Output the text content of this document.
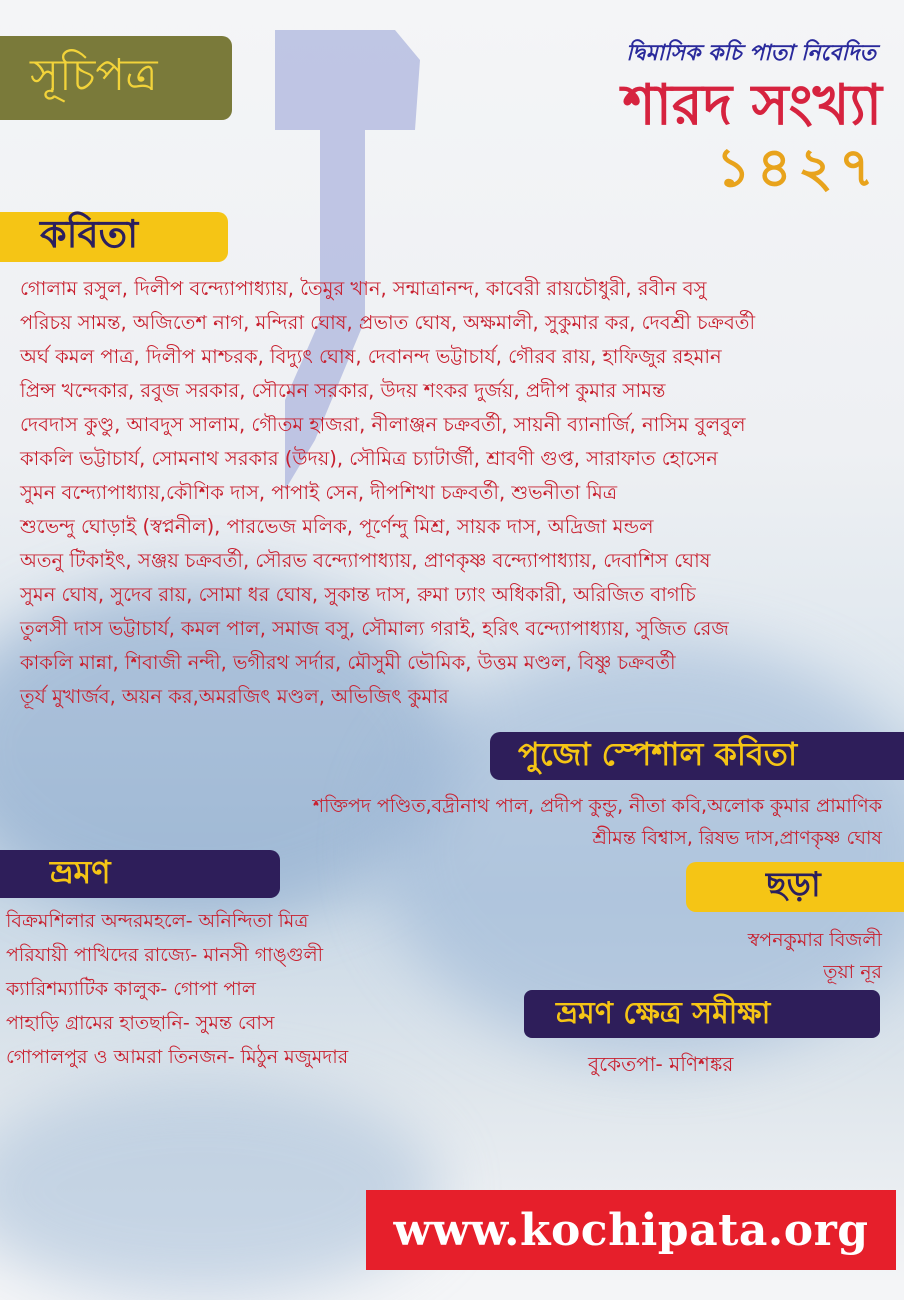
সূচিপত্র	দ্বিমাসিক কচি পাতা নিবেদিত
শারদ সংখ্যা
১৪২৭
কবিতা
গোলাম রসুল, দিলীপ বন্দ্যোপাধ্যায়, তৈমুর খান, সন্মাত্রানন্দ, কাবেরী রায়চৌধুরী, রবীন বসু
পরিচয় সামন্ত, অজিতেশ নাগ, মন্দিরা ঘোষ, প্রভাত ঘোষ, অক্ষমালী, সুকুমার কর, দেবশ্রী চক্রবর্তী
অর্ঘ কমল পাত্র, দিলীপ মাশ্চরক, বিদ্যুৎ ঘোষ, দেবানন্দ ভট্টাচার্য, গৌরব রায়, হাফিজুর রহমান
প্রিন্স খন্দেকার, রবুজ সরকার, সৌমেন সরকার, উদয় শংকর দুর্জয়, প্রদীপ কুমার সামন্ত
দেবদাস কুণ্ডু, আবদুস সালাম, গৌতম হাজরা, নীলাঞ্জন চক্রবর্তী, সায়নী ব্যানার্জি, নাসিম বুলবুল
কাকলি ভট্টাচার্য, সোমনাথ সরকার (উদয়), সৌমিত্র চ্যাটার্জী, শ্রাবণী গুপ্ত, সারাফাত হোসেন
সুমন বন্দ্যোপাধ্যায়,কৌশিক দাস, পাপাই সেন, দীপশিখা চক্রবর্তী, শুভনীতা মিত্র
শুভেন্দু ঘোড়াই (স্বপ্ননীল), পারভেজ মলিক, পূর্ণেন্দু মিশ্র, সায়ক দাস, অদ্রিজা মন্ডল
অতনু টিকাইৎ, সঞ্জয় চক্রবর্তী, সৌরভ বন্দ্যোপাধ্যায়, প্রাণকৃষ্ণ বন্দ্যোপাধ্যায়, দেবাশিস ঘোষ
সুমন ঘোষ, সুদেব রায়, সোমা ধর ঘোষ, সুকান্ত দাস, রুমা ঢ্যাং অধিকারী, অরিজিত বাগচি
তুলসী দাস ভট্টাচার্য, কমল পাল, সমাজ বসু, সৌমাল্য গরাই, হরিৎ বন্দ্যোপাধ্যায়, সুজিত রেজ
কাকলি মান্না, শিবাজী নন্দী, ভগীরথ সর্দার, মৌসুমী ভৌমিক, উত্তম মণ্ডল, বিষ্ণু চক্রবর্তী
তূর্য মুখার্জব, অয়ন কর,অমরজিৎ মণ্ডল, অভিজিৎ কুমার
পুজো স্পেশাল কবিতা
শক্তিপদ পণ্ডিত,বদ্রীনাথ পাল, প্রদীপ কুন্ডু, নীতা কবি,অলোক কুমার প্রামাণিক
শ্রীমন্ত বিশ্বাস, রিষভ দাস,প্রাণকৃষ্ণ ঘোষ
ভ্রমণ
বিক্রমশিলার অন্দরমহলে- অনিন্দিতা মিত্র
পরিযায়ী পাখিদের রাজ্যে- মানসী গাঙ্গুলী
ক্যারিশম্যাটিক কালুক- গোপা পাল
পাহাড়ি গ্রামের হাতছানি- সুমন্ত বোস
গোপালপুর ও আমরা তিনজন- মিঠুন মজুমদার
ছড়া
স্বপনকুমার বিজলী
তূয়া নূর
ভ্রমণ ক্ষেত্র সমীক্ষা
বুকেতপা- মণিশঙ্কর
www.kochipata.org
